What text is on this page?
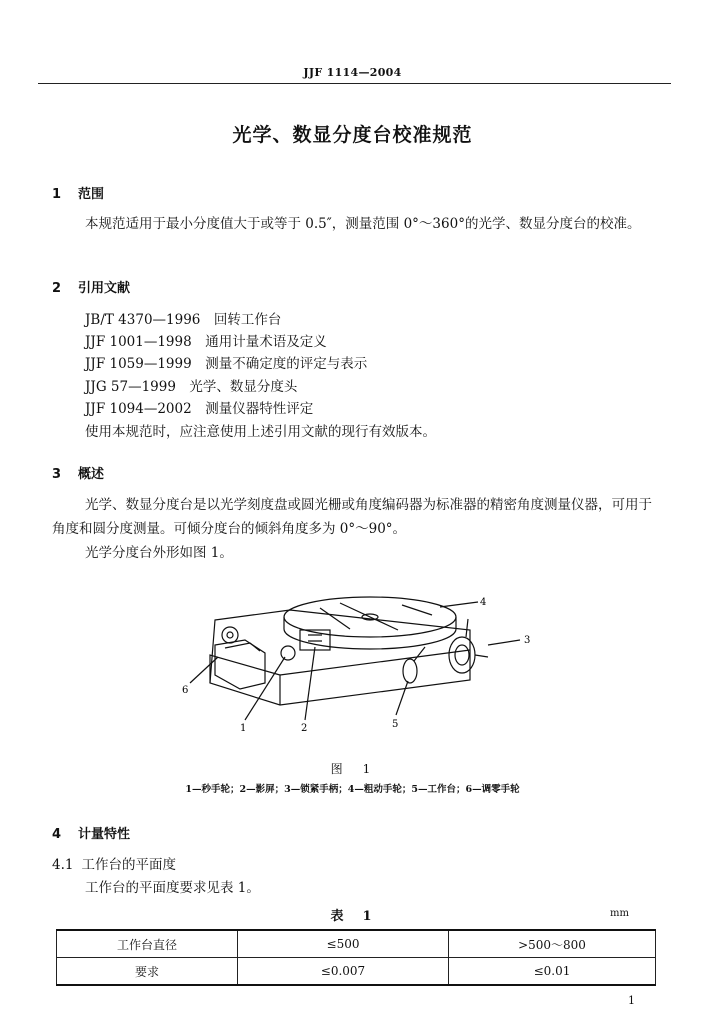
JJF 1114—2004
光学、数显分度台校准规范
1 范围
本规范适用于最小分度值大于或等于 0.5″，测量范围 0°～360°的光学、数显分度台的校准。
2 引用文献
JB/T 4370—1996　回转工作台
JJF 1001—1998　通用计量术语及定义
JJF 1059—1999　测量不确定度的评定与表示
JJG 57—1999　光学、数显分度头
JJF 1094—2002　测量仪器特性评定
使用本规范时，应注意使用上述引用文献的现行有效版本。
3 概述
光学、数显分度台是以光学刻度盘或圆光栅或角度编码器为标准器的精密角度测量仪器，可用于角度和圆分度测量。可倾分度台的倾斜角度多为 0°～90°。
光学分度台外形如图 1。
1	2
3
4
5
6
图　1
1—秒手轮；2—影屏；3—锁紧手柄；4—粗动手轮；5—工作台；6—调零手轮
4 计量特性
4.1 工作台的平面度
工作台的平面度要求见表 1。
表　1	mm
工作台直径	≤500	>500～800
要求	≤0.007	≤0.01
1
